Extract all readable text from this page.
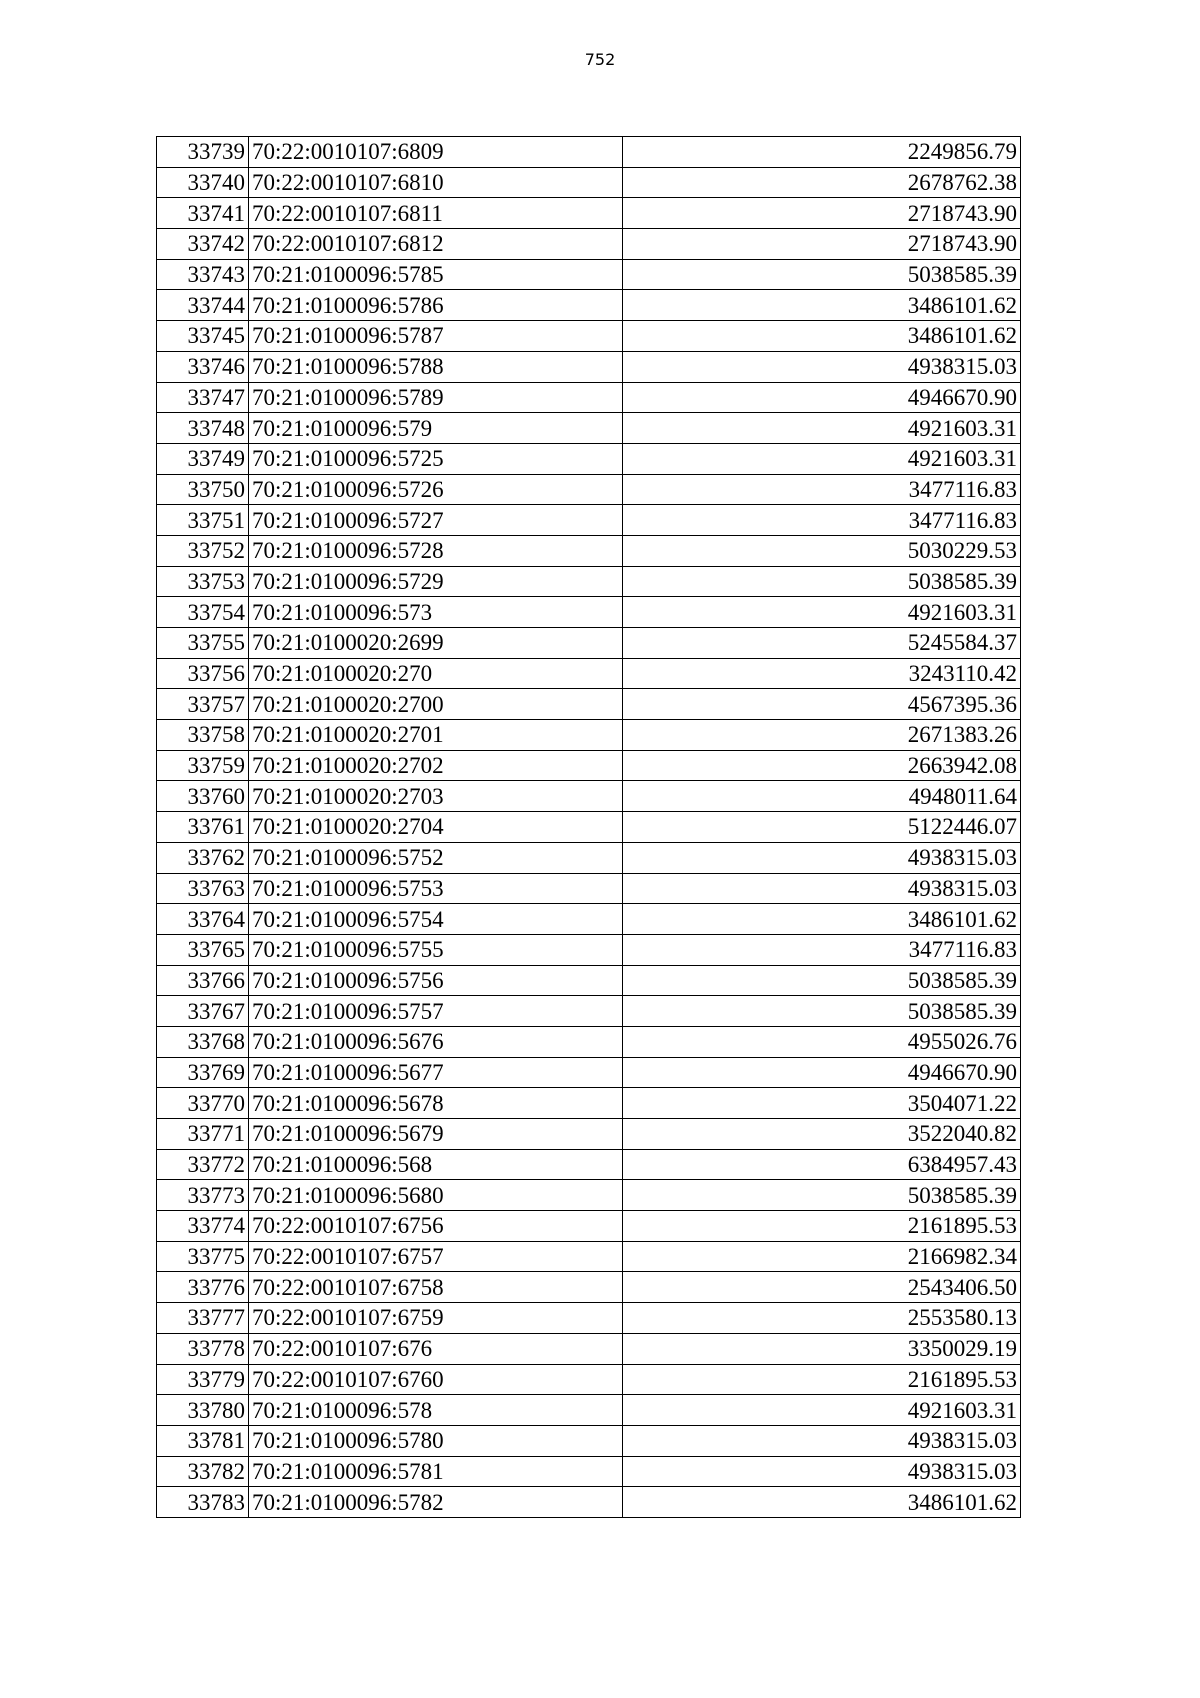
752
33739	70:22:0010107:6809	2249856.79
33740	70:22:0010107:6810	2678762.38
33741	70:22:0010107:6811	2718743.90
33742	70:22:0010107:6812	2718743.90
33743	70:21:0100096:5785	5038585.39
33744	70:21:0100096:5786	3486101.62
33745	70:21:0100096:5787	3486101.62
33746	70:21:0100096:5788	4938315.03
33747	70:21:0100096:5789	4946670.90
33748	70:21:0100096:579	4921603.31
33749	70:21:0100096:5725	4921603.31
33750	70:21:0100096:5726	3477116.83
33751	70:21:0100096:5727	3477116.83
33752	70:21:0100096:5728	5030229.53
33753	70:21:0100096:5729	5038585.39
33754	70:21:0100096:573	4921603.31
33755	70:21:0100020:2699	5245584.37
33756	70:21:0100020:270	3243110.42
33757	70:21:0100020:2700	4567395.36
33758	70:21:0100020:2701	2671383.26
33759	70:21:0100020:2702	2663942.08
33760	70:21:0100020:2703	4948011.64
33761	70:21:0100020:2704	5122446.07
33762	70:21:0100096:5752	4938315.03
33763	70:21:0100096:5753	4938315.03
33764	70:21:0100096:5754	3486101.62
33765	70:21:0100096:5755	3477116.83
33766	70:21:0100096:5756	5038585.39
33767	70:21:0100096:5757	5038585.39
33768	70:21:0100096:5676	4955026.76
33769	70:21:0100096:5677	4946670.90
33770	70:21:0100096:5678	3504071.22
33771	70:21:0100096:5679	3522040.82
33772	70:21:0100096:568	6384957.43
33773	70:21:0100096:5680	5038585.39
33774	70:22:0010107:6756	2161895.53
33775	70:22:0010107:6757	2166982.34
33776	70:22:0010107:6758	2543406.50
33777	70:22:0010107:6759	2553580.13
33778	70:22:0010107:676	3350029.19
33779	70:22:0010107:6760	2161895.53
33780	70:21:0100096:578	4921603.31
33781	70:21:0100096:5780	4938315.03
33782	70:21:0100096:5781	4938315.03
33783	70:21:0100096:5782	3486101.62
